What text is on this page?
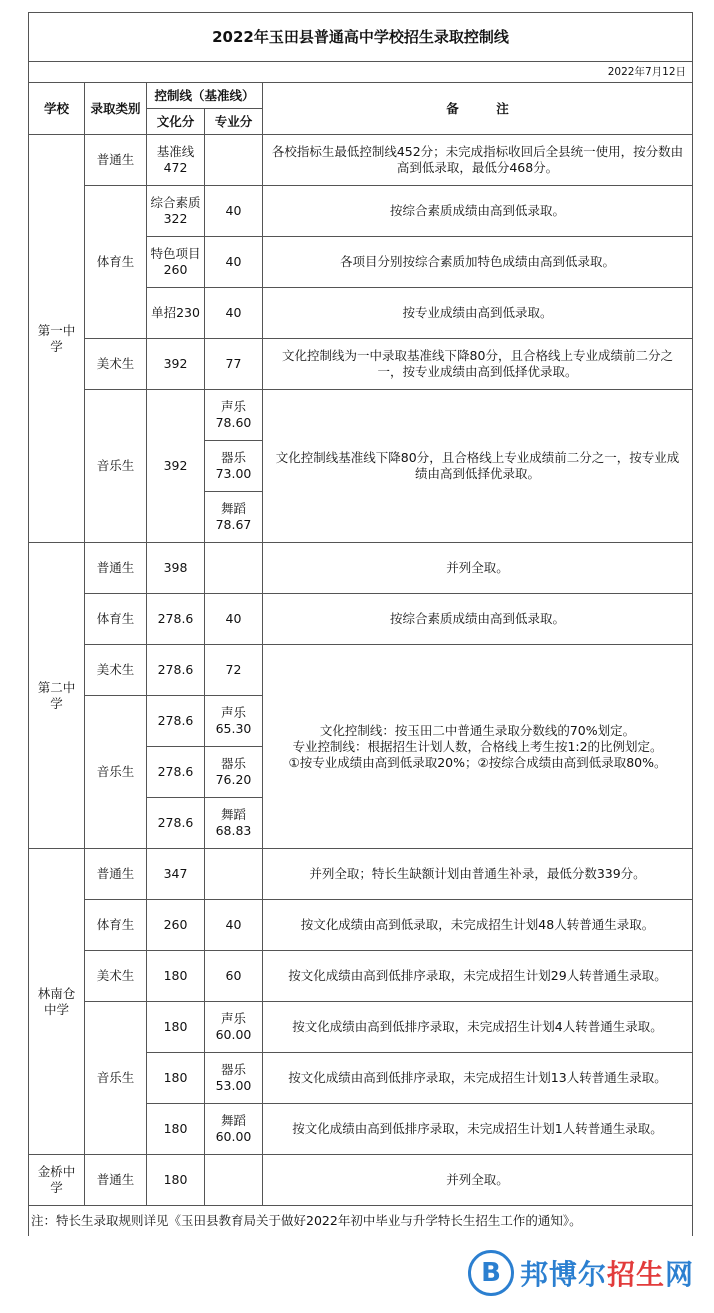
2022年玉田县普通高中学校招生录取控制线				
2022年7月12日				
学校	录取类别	控制线（基准线）		备　　　注
		文化分	专业分	
第一中学	普通生	基准线472		各校指标生最低控制线452分；未完成指标收回后全县统一使用，按分数由高到低录取，最低分468分。
	体育生	综合素质322	40	按综合素质成绩由高到低录取。
		特色项目260	40	各项目分别按综合素质加特色成绩由高到低录取。
		单招230	40	按专业成绩由高到低录取。
	美术生	392	77	文化控制线为一中录取基准线下降80分，且合格线上专业成绩前二分之一，按专业成绩由高到低择优录取。
	音乐生	392	声乐78.60	文化控制线基准线下降80分，且合格线上专业成绩前二分之一，按专业成绩由高到低择优录取。
			器乐73.00	
			舞蹈78.67	
第二中学	普通生	398		并列全取。
	体育生	278.6	40	按综合素质成绩由高到低录取。
	美术生	278.6	72	文化控制线：按玉田二中普通生录取分数线的70%划定。
专业控制线：根据招生计划人数，合格线上考生按1:2的比例划定。
①按专业成绩由高到低录取20%；②按综合成绩由高到低录取80%。

	音乐生	278.6	声乐65.30	
		278.6	器乐76.20	
		278.6	舞蹈68.83	
林南仓中学	普通生	347		并列全取；特长生缺额计划由普通生补录，最低分数339分。
	体育生	260	40	按文化成绩由高到低录取，未完成招生计划48人转普通生录取。
	美术生	180	60	按文化成绩由高到低排序录取，未完成招生计划29人转普通生录取。
	音乐生	180	声乐60.00	按文化成绩由高到低排序录取，未完成招生计划4人转普通生录取。
		180	器乐53.00	按文化成绩由高到低排序录取，未完成招生计划13人转普通生录取。
		180	舞蹈60.00	按文化成绩由高到低排序录取，未完成招生计划1人转普通生录取。
金桥中学	普通生	180		并列全取。
注：特长生录取规则详见《玉田县教育局关于做好2022年初中毕业与升学特长生招生工作的通知》。				
B 邦博尔招生网
